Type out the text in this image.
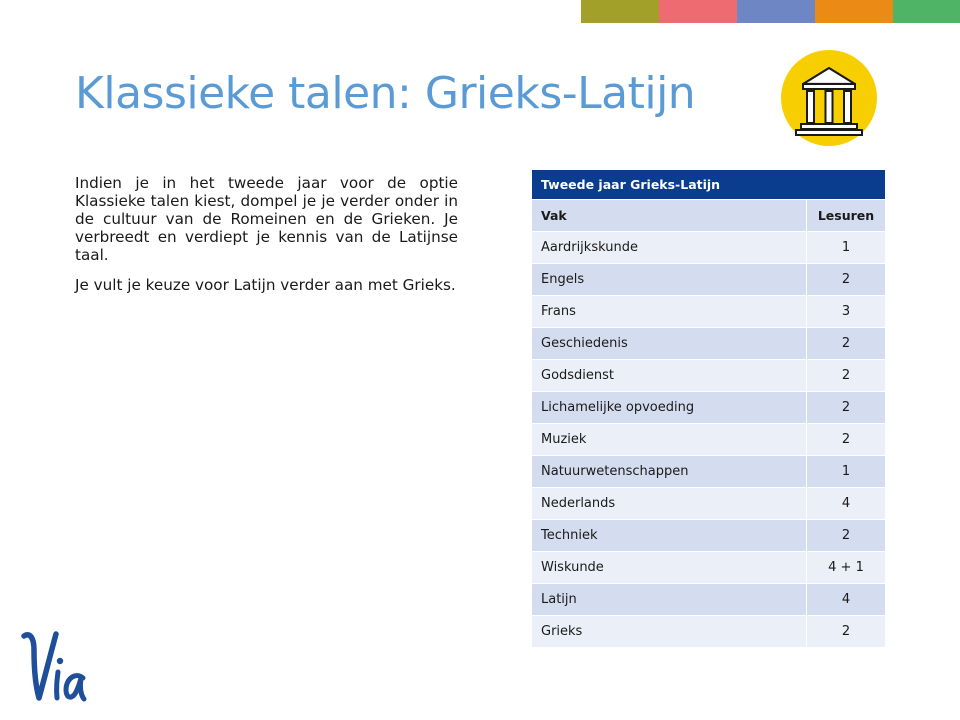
Klassieke talen: Grieks-Latijn

Indien je in het tweede jaar voor de optie Klassieke talen kiest, dompel je je verder onder in de cultuur van de Romeinen en de Grieken. Je verbreedt en verdiept je kennis van de Latijnse taal.

Je vult je keuze voor Latijn verder aan met Grieks.

Tweede jaar Grieks-Latijn	
Vak	Lesuren
Aardrijkskunde	1
Engels	2
Frans	3
Geschiedenis	2
Godsdienst	2
Lichamelijke opvoeding	2
Muziek	2
Natuurwetenschappen	1
Nederlands	4
Techniek	2
Wiskunde	4 + 1
Latijn	4
Grieks	2
